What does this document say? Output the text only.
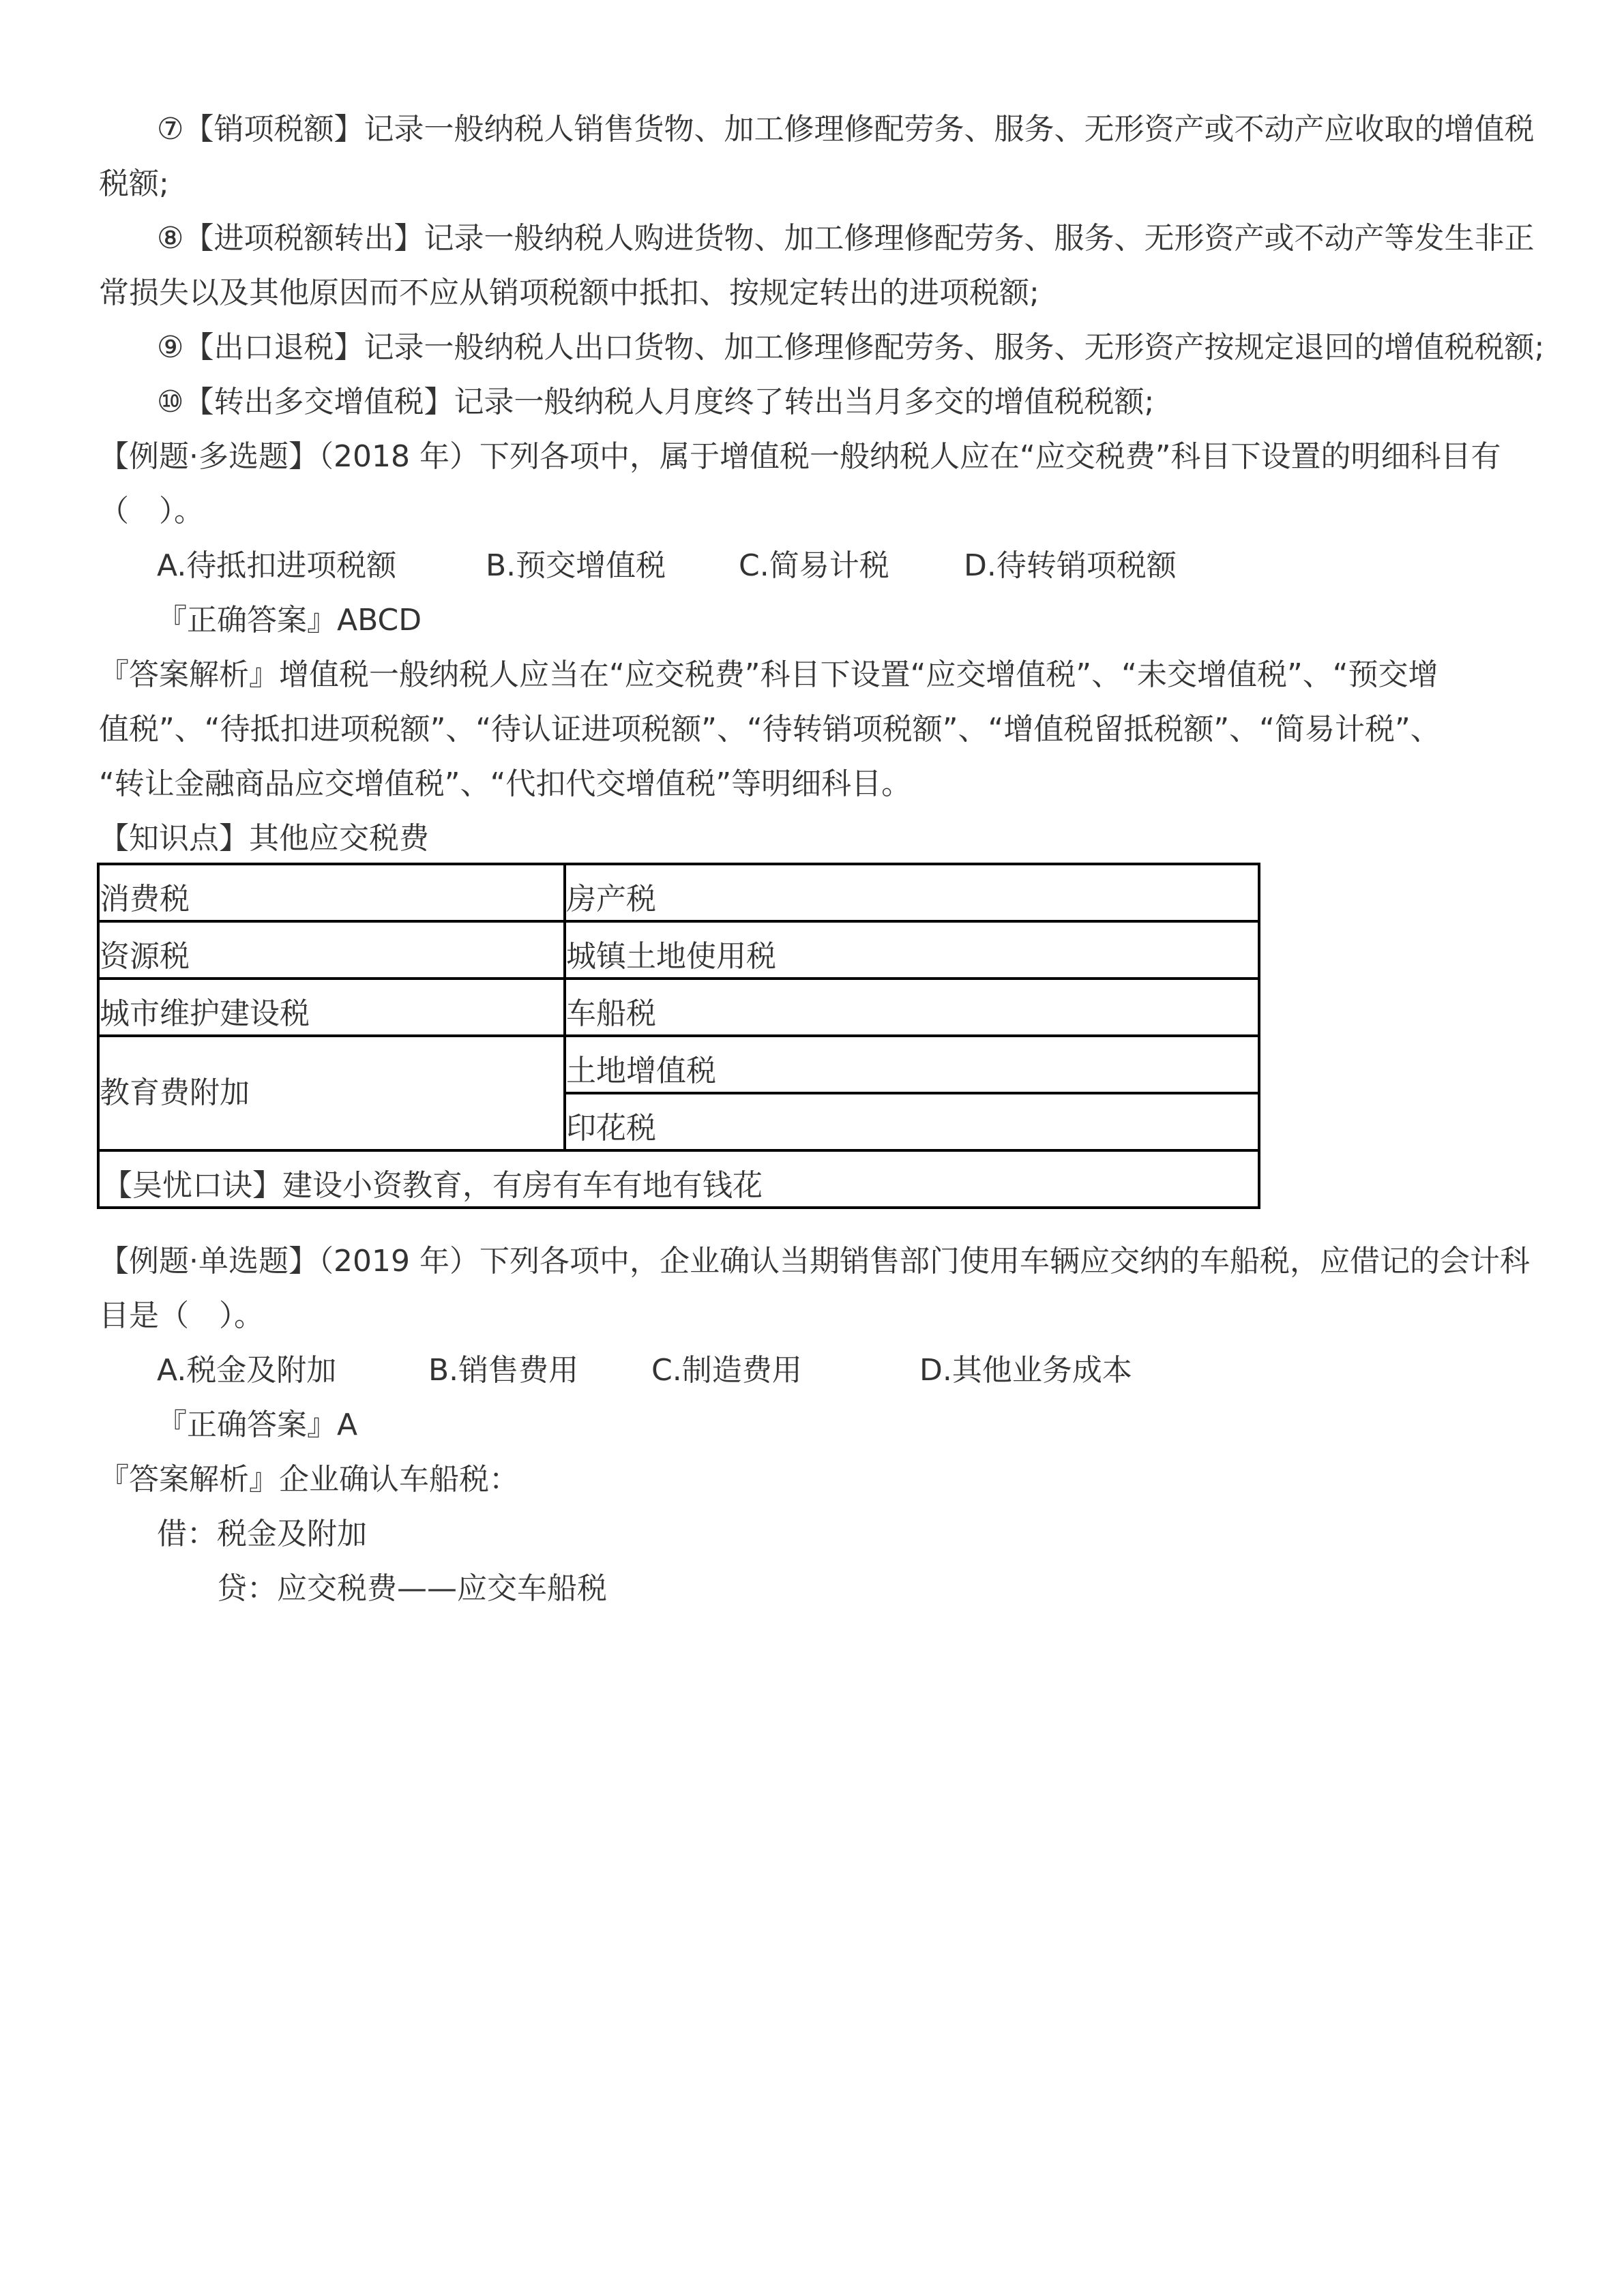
⑦【销项税额】记录一般纳税人销售货物、加工修理修配劳务、服务、无形资产或不动产应收取的增值税
税额;
⑧【进项税额转出】记录一般纳税人购进货物、加工修理修配劳务、服务、无形资产或不动产等发生非正
常损失以及其他原因而不应从销项税额中抵扣、按规定转出的进项税额;
⑨【出口退税】记录一般纳税人出口货物、加工修理修配劳务、服务、无形资产按规定退回的增值税税额;
⑩【转出多交增值税】记录一般纳税人月度终了转出当月多交的增值税税额;
【例题·多选题】（2018 年）下列各项中，属于增值税一般纳税人应在“应交税费”科目下设置的明细科目有
（　）。
A.待抵扣进项税额	B.预交增值税 C.简易计税 D.待转销项税额
『正确答案』ABCD
『答案解析』增值税一般纳税人应当在“应交税费”科目下设置“应交增值税”、“未交增值税”、“预交增
值税”、“待抵扣进项税额”、“待认证进项税额”、“待转销项税额”、“增值税留抵税额”、“简易计税”、
“转让金融商品应交增值税”、“代扣代交增值税”等明细科目。
【知识点】其他应交税费
消费税	房产税
资源税	城镇土地使用税
城市维护建设税	车船税
教育费附加	土地增值税
	印花税
【吴忧口诀】建设小资教育，有房有车有地有钱花	
【例题·单选题】（2019 年）下列各项中，企业确认当期销售部门使用车辆应交纳的车船税，应借记的会计科
目是（　）。
A.税金及附加	B.销售费用 C.制造费用	D.其他业务成本
『正确答案』A
『答案解析』企业确认车船税：
借：税金及附加
贷：应交税费——应交车船税
